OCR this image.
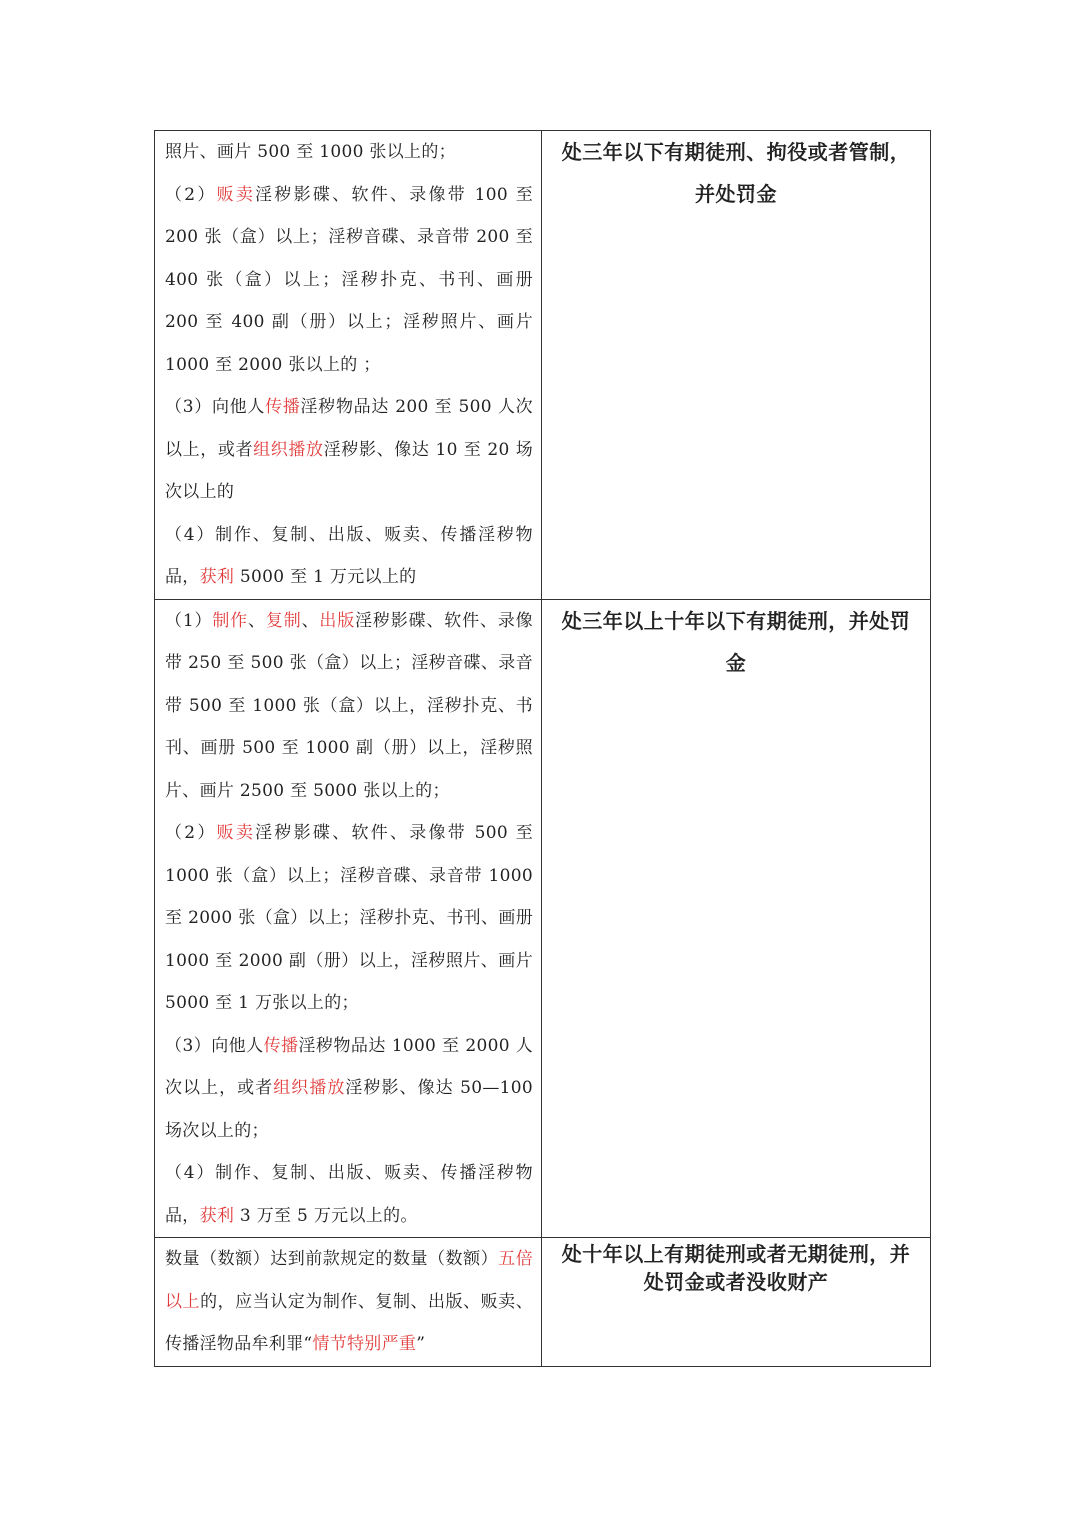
照片、画片 500 至 1000 张以上的；

（2）贩卖淫秽影碟、软件、录像带 100 至 200 张（盒）以上；淫秽音碟、录音带 200 至 400 张（盒）以上；淫秽扑克、书刊、画册 200 至 400 副（册）以上；淫秽照片、画片 1000 至 2000 张以上的 ；

（3）向他人传播淫秽物品达 200 至 500 人次以上，或者组织播放淫秽影、像达 10 至 20 场次以上的

（4）制作、复制、出版、贩卖、传播淫秽物品，获利 5000 至 1 万元以上的	处三年以下有期徒刑、拘役或者管制，并处罚金

（1）制作、复制、出版淫秽影碟、软件、录像带 250 至 500 张（盒）以上；淫秽音碟、录音带 500 至 1000 张（盒）以上，淫秽扑克、书刊、画册 500 至 1000 副（册）以上，淫秽照片、画片 2500 至 5000 张以上的；

（2）贩卖淫秽影碟、软件、录像带 500 至 1000 张（盒）以上；淫秽音碟、录音带 1000 至 2000 张（盒）以上；淫秽扑克、书刊、画册 1000 至 2000 副（册）以上，淫秽照片、画片 5000 至 1 万张以上的；

（3）向他人传播淫秽物品达 1000 至 2000 人次以上，或者组织播放淫秽影、像达 50—100 场次以上的；

（4）制作、复制、出版、贩卖、传播淫秽物品，获利 3 万至 5 万元以上的。	处三年以上十年以下有期徒刑，并处罚金

数量（数额）达到前款规定的数量（数额）五倍以上的，应当认定为制作、复制、出版、贩卖、传播淫物品牟利罪“情节特别严重”	处十年以上有期徒刑或者无期徒刑，并处罚金或者没收财产
